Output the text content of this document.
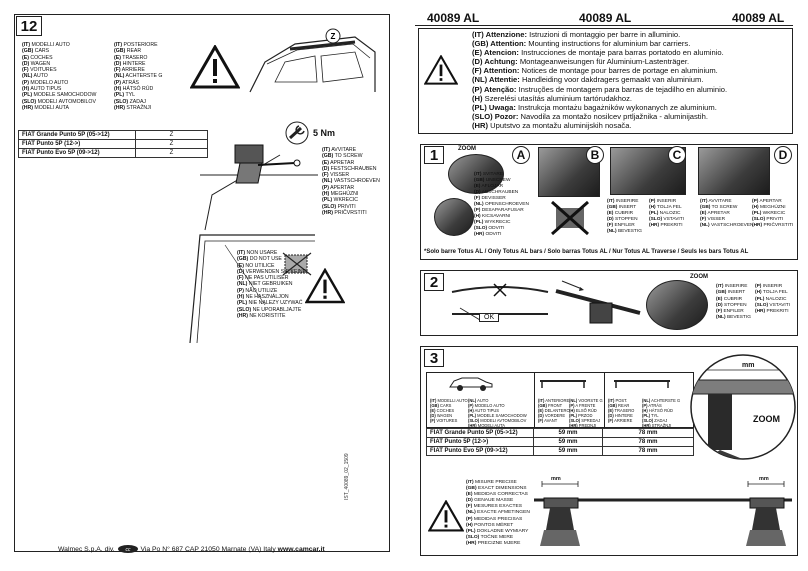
12
(IT) MODELLI AUTO
(GB) CARS
(E) COCHES
(D) WAGEN
(F) VOITURES
(NL) AUTO
(P) MODELO AUTO
(H) AUTO TIPUS
(PL) MODELE SAMOCHODOW
(SLO) MODELI AVTOMOBILOV
(HR) MODELI AUTA
(IT) POSTERIORE
(GB) REAR
(E) TRASERO
(D) HINTERE
(F) ARRIERE
(NL) ACHTERSTE G
(P) ATRÁS
(H) HÁTSÓ RÚD
(PL) TYL
(SLO) ZADAJ
(HR) STRAŽNJI
FIAT Grande Punto 5P (05->12)	Z
FIAT Punto 5P (12->)	Z
FIAT Punto Evo 5P (09->12)	Z
Z
5 Nm
(IT) AVVITARE
(GB) TO SCREW
(E) APRETAR
(D) FESTSCHRAUBEN
(F) VISSER
(NL) VASTSCHROEVEN
(P) APERTAR
(H) MEGHÚZNI
(PL) WKRECIC
(SLO) PRIVITI
(HR) PRIČVRSTITI
(IT) NON USARE
(GB) DO NOT USE
(E) NO UTILICE
(D) VERWENDEN SIE KEINE
(F) NE PAS UTILISER
(NL) NIET GEBRUIKEN
(P) NÃO UTILIZE
(H) NE HASZNÁLJON
(PL) NIE NALEZY UZYWAĆ
(SLO) NE UPORABLJAJTE
(HR) NE KORISTITE
IST_40089_02_1509
Walmec S.p.A. div. cc Via Po N° 687 CAP 21050 Marnate (VA) Italy www.camcar.it
40089 AL	40089 AL	40089 AL
(IT) Attenzione: Istruzioni di montaggio per barre in alluminio.
(GB) Attention: Mounting instructions for aluminium bar carriers.
(E) Atencion: Instrucciones de montaje para barras portatodo en aluminio.
(D) Achtung: Montageanweisungen für Aluminium-Lastenträger.
(F) Attention: Notices de montage pour barres de portage en aluminium.
(NL) Attentie: Handleiding voor dakdragers gemaakt van aluminium.
(P) Atenção: Instruções de montagem para barras de tejadilho en aluminio.
(H) Szerelési utasítás aluminium tartórudakhoz.
(PL) Uwaga: Instrukcja montażu bagażników wykonanych ze aluminium.
(SLO) Pozor: Navodila za montažo nosilcev prtljažnika - aluminijastih.
(HR) Uputstvo za montažu aluminijskih nosača.
1	ZOOM	A
(IT) SVITARE
(GB) UNSCREW
(E) AFLOJAR
(D) ABSCHRAUBEN
(F) DEVISSER
(NL) OPENSCHROEVEN
(P) DESAPARAFUSAR
(H) KICSAVARNI
(PL) WYKRECIC
(SLO) ODVITI
(HR) ODVITI
B	C
(IT) INSERIRE
(GB) INSERT
(E) CUBRIR
(D) STOPFEN
(F) ENFILER
(NL) BEVESTIG
(P) INSERIR
(H) TOLJA FEL
(PL) NALOZIC
(SLO) VSTAVITI
(HR) PREKRITI
D
(IT) AVVITARE
(GB) TO SCREW
(E) APRETAR
(F) VISSER
(NL) VASTSCHROEVEN
(P) APERTAR
(H) MEGHÚZNI
(PL) WKRECIC
(SLO) PRIVITI
(HR) PRIČVRSTITI
*Solo barre Totus AL / Only Totus AL bars / Solo barras Totus AL / Nur Totus AL Traverse / Seuls les bars Totus AL
2
OK
ZOOM
(IT) INSERIRE
(GB) INSERT
(E) CUBRIR
(D) STOPFEN
(F) ENFILER
(NL) BEVESTIG
(P) INSERIR
(H) TOLJA FEL
(PL) NALOZIC
(SLO) VSTAVITI
(HR) PREKRITI
3
(IT) MODELLI AUTO
(GB) CARS
(E) COCHES
(D) WAGEN
(F) VOITURES
(NL) AUTO
(P) MODELO AUTO
(H) AUTO TIPUS
(PL) MODELE SAMOCHODOW
(SLO) MODELI AVTOMOBILOV
(HR) MODELI AUTA
(IT) ANTERIORE
(GB) FRONT
(E) DELANTERO
(D) VORDERE
(F) AVANT
(NL) VOORSTE G
(P) A FRENTE
(H) ELSŐ RÚD
(PL) PRZOD
(SLO) SPREDAJ
(HR) PREDNJI
(IT) POST.
(GB) REAR
(E) TRASERO
(D) HINTERE
(F) ARRIERE
(NL) ACHTERSTE G
(P) ATRÁS
(H) HÁTSÓ RÚD
(PL) TYL
(SLO) ZADAJ
(HR) STRAŽNJI
FIAT Grande Punto 5P (05->12)	59 mm	78 mm
FIAT Punto 5P (12->)	59 mm	78 mm
FIAT Punto Evo 5P (09->12)	59 mm	78 mm
mm
ZOOM
(IT) MISURE PRECISE
(GB) EXACT DIMENSIONS
(E) MEDIDAS CORRECTAS
(D) GENAUE MASSE
(F) MESURES EXACTES
(NL) EXACTE AFMETINGEN
(P) MEDIDAS PRECISAS
(H) PONTOS MÉRET
(PL) DOKLADNE WYMIARY
(SLO) TOČNE MERE
(HR) PRECIZNE MJERE
mm	mm
